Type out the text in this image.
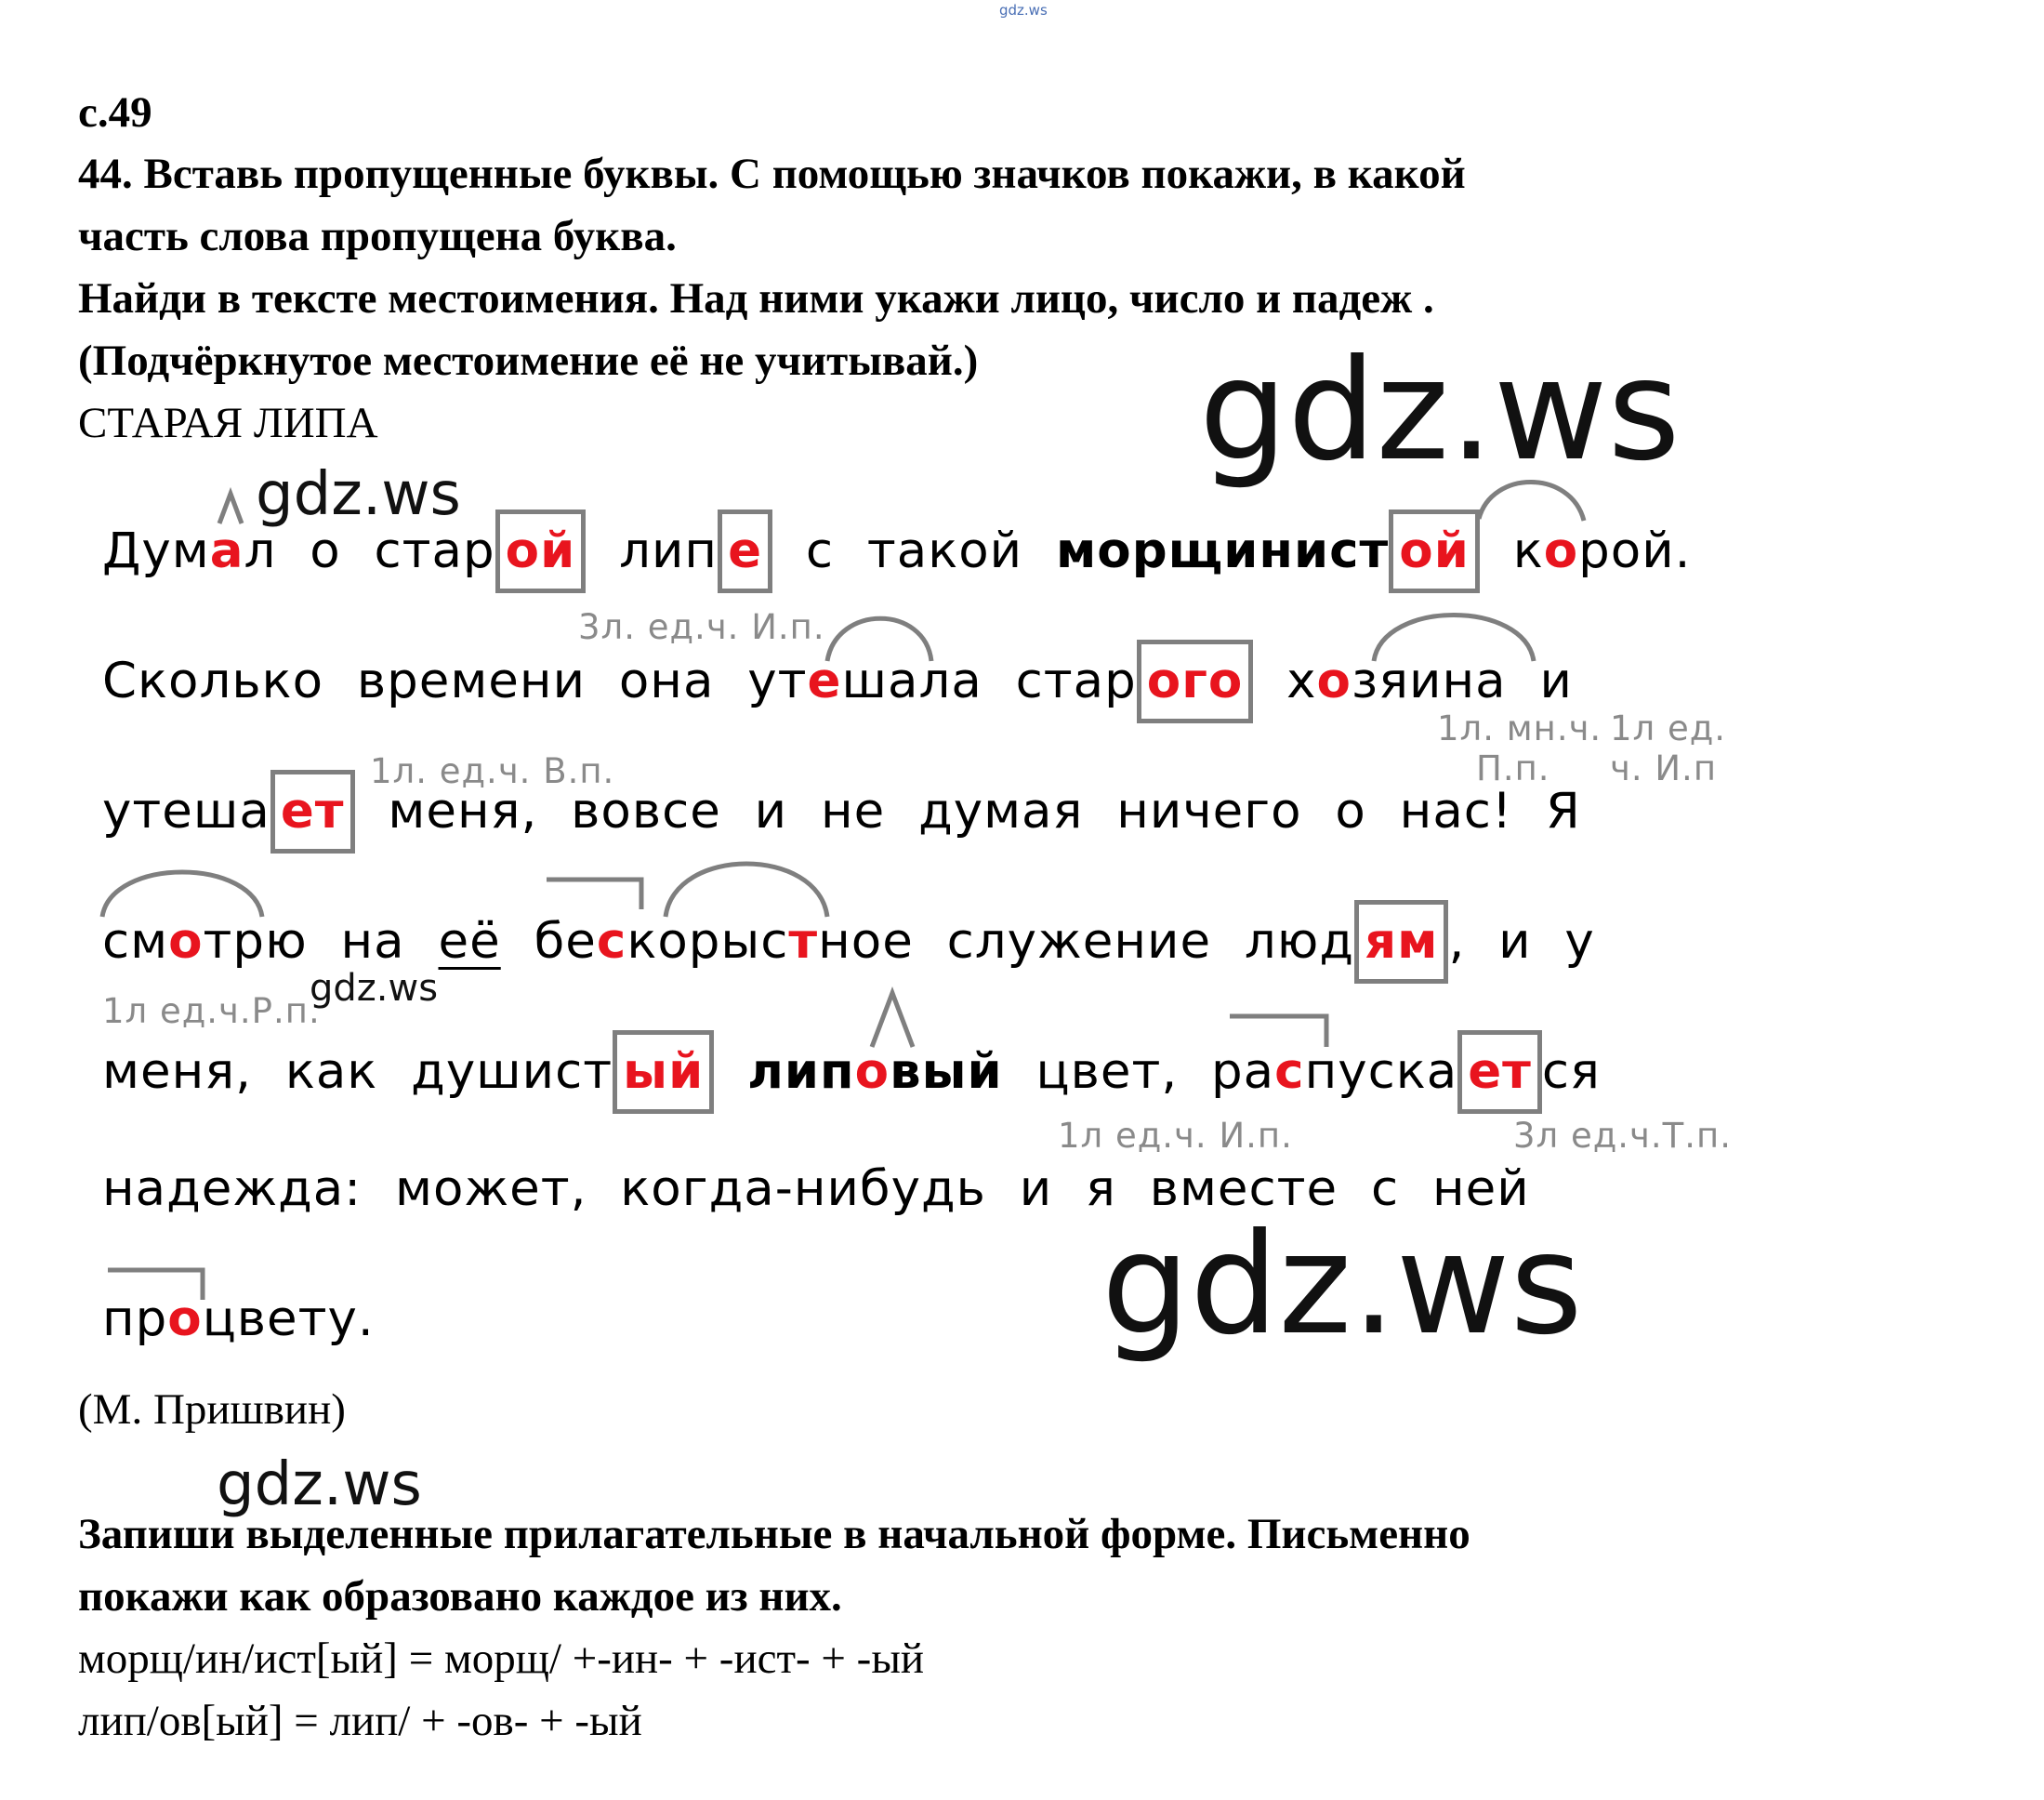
gdz.ws
с.49
44. Вставь пропущенные буквы. С помощью значков покажи, в какой
часть слова пропущена буква.
Найди в тексте местоимения. Над ними укажи лицо, число и падеж .
(Подчёркнутое местоимение её не учитывай.)
СТАРАЯ ЛИПА	gdz.ws
gdz.ws
gdz.ws
gdz.ws
gdz.ws
3л. ед.ч. И.п.
1л. ед.ч. В.п.
1л. мн.ч.
П.п.
1л ед.
ч. И.п
1л ед.ч.Р.п.
1л ед.ч. И.п.	3л ед.ч.Т.п.
Думал о стар ой лип е с такой морщинист ой корой.
Сколько времени она утешала стар ого хозяина и
утеша ет меня, вовсе и не думая ничего о нас! Я
смотрю на её бескорыстное служение люд ям , и у
меня, как душист ый липовый цвет, распуска ет ся
надежда: может, когда-нибудь и я вместе с ней
процвету.
(М. Пришвин)
Запиши выделенные прилагательные в начальной форме. Письменно
покажи как образовано каждое из них.
морщ/ин/ист[ый] = морщ/ +-ин- + -ист- + -ый
лип/ов[ый] = лип/ + -ов- + -ый
